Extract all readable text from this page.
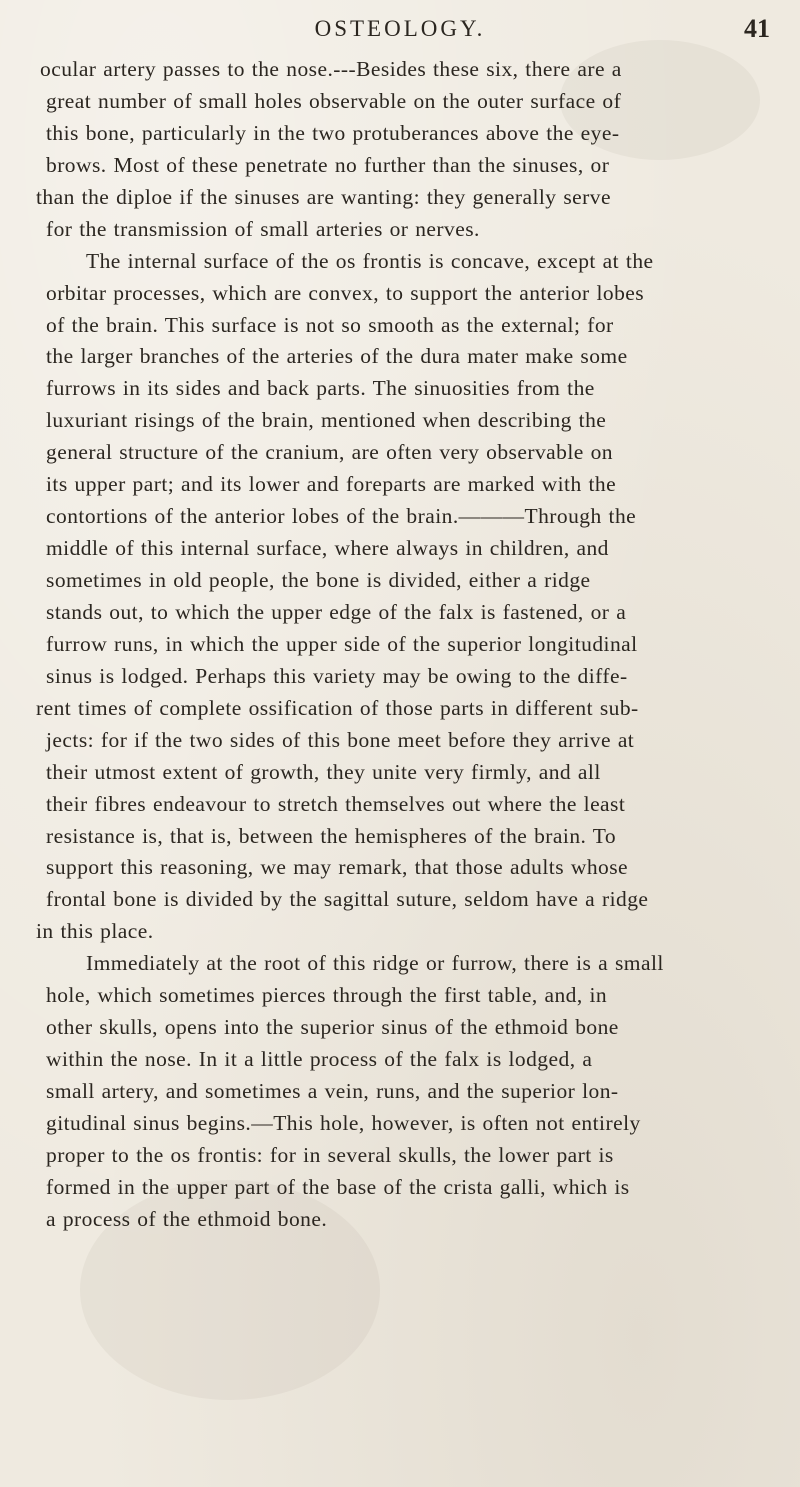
OSTEOLOGY.	41
ocular artery passes to the nose.---Besides these six, there are a
great number of small holes observable on the outer surface of
this bone, particularly in the two protuberances above the eye-
brows. Most of these penetrate no further than the sinuses, or
than the diploe if the sinuses are wanting: they generally serve
for the transmission of small arteries or nerves.
The internal surface of the os frontis is concave, except at the
orbitar processes, which are convex, to support the anterior lobes
of the brain. This surface is not so smooth as the external; for
the larger branches of the arteries of the dura mater make some
furrows in its sides and back parts. The sinuosities from the
luxuriant risings of the brain, mentioned when describing the
general structure of the cranium, are often very observable on
its upper part; and its lower and foreparts are marked with the
contortions of the anterior lobes of the brain.———Through the
middle of this internal surface, where always in children, and
sometimes in old people, the bone is divided, either a ridge
stands out, to which the upper edge of the falx is fastened, or a
furrow runs, in which the upper side of the superior longitudinal
sinus is lodged. Perhaps this variety may be owing to the diffe-
rent times of complete ossification of those parts in different sub-
jects: for if the two sides of this bone meet before they arrive at
their utmost extent of growth, they unite very firmly, and all
their fibres endeavour to stretch themselves out where the least
resistance is, that is, between the hemispheres of the brain. To
support this reasoning, we may remark, that those adults whose
frontal bone is divided by the sagittal suture, seldom have a ridge
in this place.
Immediately at the root of this ridge or furrow, there is a small
hole, which sometimes pierces through the first table, and, in
other skulls, opens into the superior sinus of the ethmoid bone
within the nose. In it a little process of the falx is lodged, a
small artery, and sometimes a vein, runs, and the superior lon-
gitudinal sinus begins.—This hole, however, is often not entirely
proper to the os frontis: for in several skulls, the lower part is
formed in the upper part of the base of the crista galli, which is
a process of the ethmoid bone.
